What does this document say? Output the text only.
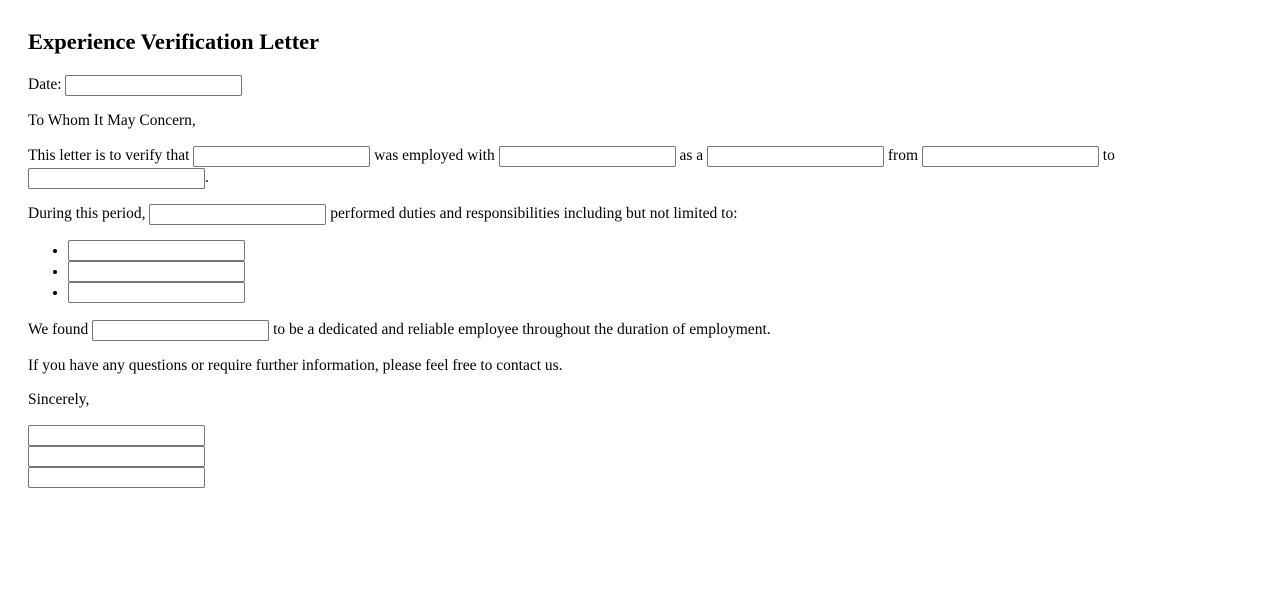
Experience Verification Letter
Date:
To Whom It May Concern,
This letter is to verify that	was employed with	as a	from	to
.
During this period,	performed duties and responsibilities including but not limited to:
•
•
•
We found	to be a dedicated and reliable employee throughout the duration of employment.
If you have any questions or require further information, please feel free to contact us.
Sincerely,
